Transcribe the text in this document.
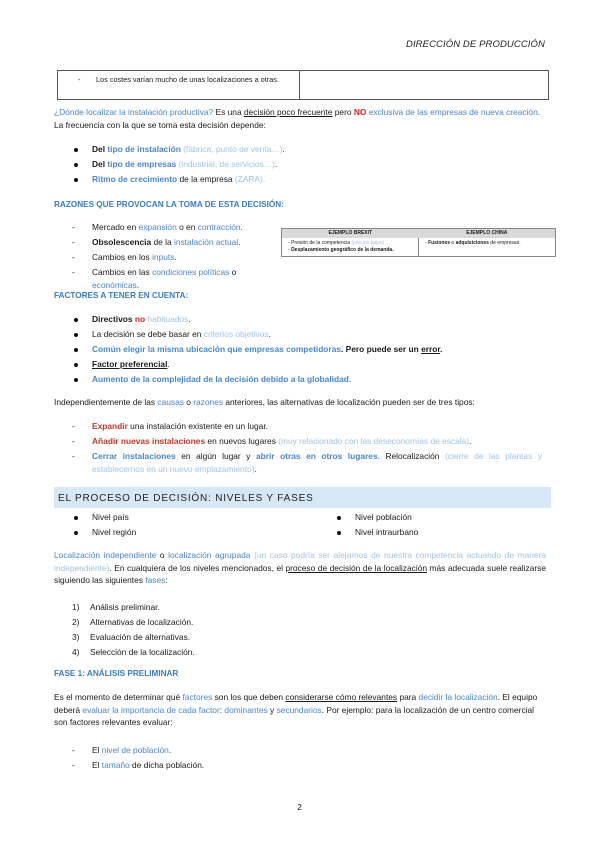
DIRECCIÓN DE PRODUCCIÓN
-	Los costes varían mucho de unas localizaciones a otras.
¿Dónde localizar la instalación productiva? Es una decisión poco frecuente pero NO exclusiva de las empresas de nueva creación. La frecuencia con la que se toma esta decisión depende:
Del tipo de instalación (fábrica, punto de venta…).
Del tipo de empresas (industrial, de servicios…).
Ritmo de crecimiento de la empresa (ZARA).
RAZONES QUE PROVOCAN LA TOMA DE ESTA DECISIÓN:
- Mercado en expansión o en contracción.
- Obsolescencia de la instalación actual.
- Cambios en los inputs.
- Cambios en las condiciones políticas o económicas.
EJEMPLO BREXIT	EJEMPLO CHINA
- Presión de la competencia (precios bajos)
- Desplazamiento geográfico de la demanda.
- Fusiones o adquisiciones de empresas.
FACTORES A TENER EN CUENTA:
Directivos no habituados.
La decisión se debe basar en criterios objetivos.
Común elegir la misma ubicación que empresas competidoras. Pero puede ser un error.
Factor preferencial.
Aumento de la complejidad de la decisión debido a la globalidad.
Independientemente de las causas o razones anteriores, las alternativas de localización pueden ser de tres tipos:
- Expandir una instalación existente en un lugar.
- Añadir nuevas instalaciones en nuevos lugares (muy relacionado con las deseconomías de escala).
- Cerrar instalaciones en algún lugar y abrir otras en otros lugares. Relocalización (cierre de las plantas y establecernos en un nuevo emplazamiento).
EL PROCESO DE DECISIÓN: NIVELES Y FASES
Nivel país
Nivel región
Nivel población
Nivel intraurbano
Localización independiente o localización agrupada (un caso podría ser alejarnos de nuestra competencia actuando de manera independiente). En cualquiera de los niveles mencionados, el proceso de decisión de la localización más adecuada suele realizarse siguiendo las siguientes fases:
1) Análisis preliminar.
2) Alternativas de localización.
3) Evaluación de alternativas.
4) Selección de la localización.
FASE 1: ANÁLISIS PRELIMINAR
Es el momento de determinar qué factores son los que deben considerarse cómo relevantes para decidir la localización. El equipo deberá evaluar la importancia de cada factor: dominantes y secundarios. Por ejemplo: para la localización de un centro comercial son factores relevantes evaluar:
- El nivel de población.
- El tamaño de dicha población.
2
